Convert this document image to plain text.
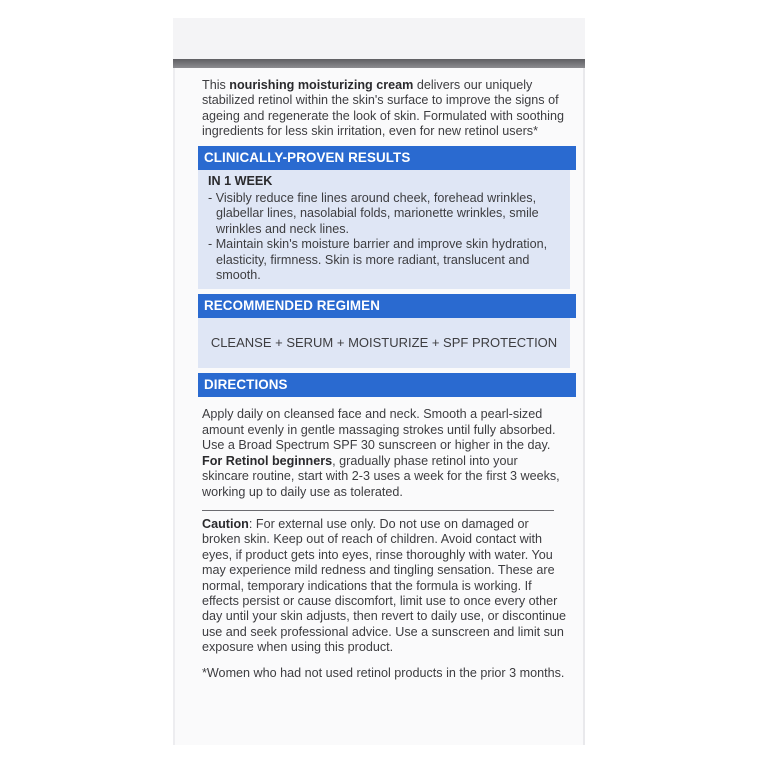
This nourishing moisturizing cream delivers our uniquely stabilized retinol within the skin's surface to improve the signs of ageing and regenerate the look of skin. Formulated with soothing ingredients for less skin irritation, even for new retinol users*

CLINICALLY-PROVEN RESULTS
IN 1 WEEK
- Visibly reduce fine lines around cheek, forehead wrinkles, glabellar lines, nasolabial folds, marionette wrinkles, smile wrinkles and neck lines.
- Maintain skin's moisture barrier and improve skin hydration, elasticity, firmness. Skin is more radiant, translucent and smooth.
RECOMMENDED REGIMEN
CLEANSE + SERUM + MOISTURIZE + SPF PROTECTION
DIRECTIONS

Apply daily on cleansed face and neck. Smooth a pearl-sized amount evenly in gentle massaging strokes until fully absorbed. Use a Broad Spectrum SPF 30 sunscreen or higher in the day.
For Retinol beginners, gradually phase retinol into your skincare routine, start with 2-3 uses a week for the first 3 weeks, working up to daily use as tolerated.

Caution: For external use only. Do not use on damaged or broken skin. Keep out of reach of children. Avoid contact with eyes, if product gets into eyes, rinse thoroughly with water. You may experience mild redness and tingling sensation. These are normal, temporary indications that the formula is working. If effects persist or cause discomfort, limit use to once every other day until your skin adjusts, then revert to daily use, or discontinue use and seek professional advice. Use a sunscreen and limit sun exposure when using this product.

*Women who had not used retinol products in the prior 3 months.
